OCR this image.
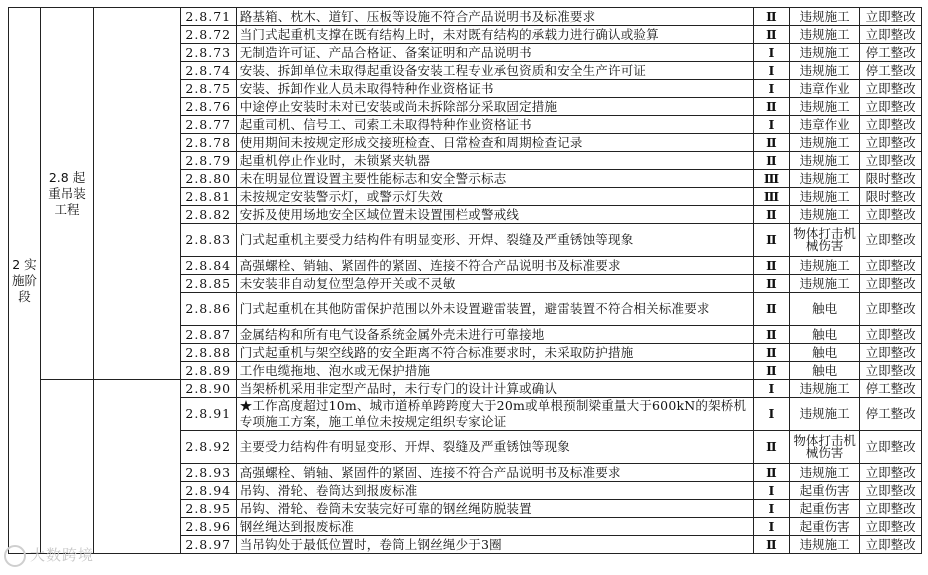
2 实施阶段	2.8 起重吊装工程		2.8.71	路基箱、枕木、道钉、压板等设施不符合产品说明书及标准要求	Ⅱ	违规施工	立即整改
			2.8.72	当门式起重机支撑在既有结构上时，未对既有结构的承载力进行确认或验算	Ⅱ	违规施工	立即整改
			2.8.73	无制造许可证、产品合格证、备案证明和产品说明书	Ⅰ	违规施工	停工整改
			2.8.74	安装、拆卸单位未取得起重设备安装工程专业承包资质和安全生产许可证	Ⅰ	违规施工	停工整改
			2.8.75	安装、拆卸作业人员未取得特种作业资格证书	Ⅰ	违章作业	立即整改
			2.8.76	中途停止安装时未对已安装或尚未拆除部分采取固定措施	Ⅱ	违规施工	立即整改
			2.8.77	起重司机、信号工、司索工未取得特种作业资格证书	Ⅰ	违章作业	立即整改
			2.8.78	使用期间未按规定形成交接班检查、日常检查和周期检查记录	Ⅱ	违规施工	立即整改
			2.8.79	起重机停止作业时，未锁紧夹轨器	Ⅱ	违规施工	立即整改
			2.8.80	未在明显位置设置主要性能标志和安全警示标志	Ⅲ	违规施工	限时整改
			2.8.81	未按规定安装警示灯，或警示灯失效	Ⅲ	违规施工	限时整改
			2.8.82	安拆及使用场地安全区域位置未设置围栏或警戒线	Ⅱ	违规施工	立即整改
			2.8.83	门式起重机主要受力结构件有明显变形、开焊、裂缝及严重锈蚀等现象	Ⅱ	物体打击机械伤害	立即整改
			2.8.84	高强螺栓、销轴、紧固件的紧固、连接不符合产品说明书及标准要求	Ⅱ	违规施工	立即整改
			2.8.85	未安装非自动复位型急停开关或不灵敏	Ⅱ	违规施工	立即整改
			2.8.86	门式起重机在其他防雷保护范围以外未设置避雷装置，避雷装置不符合相关标准要求	Ⅱ	触电	立即整改
			2.8.87	金属结构和所有电气设备系统金属外壳未进行可靠接地	Ⅱ	触电	立即整改
			2.8.88	门式起重机与架空线路的安全距离不符合标准要求时，未采取防护措施	Ⅱ	触电	立即整改
			2.8.89	工作电缆拖地、泡水或无保护措施	Ⅱ	触电	立即整改
			2.8.90	当架桥机采用非定型产品时，未行专门的设计计算或确认	Ⅰ	违规施工	停工整改
			2.8.91	★工作高度超过10m、城市道桥单跨跨度大于20m或单根预制梁重量大于600kN的架桥机专项施工方案，施工单位未按规定组织专家论证	Ⅰ	违规施工	停工整改
			2.8.92	主要受力结构件有明显变形、开焊、裂缝及严重锈蚀等现象	Ⅱ	物体打击机械伤害	立即整改
			2.8.93	高强螺栓、销轴、紧固件的紧固、连接不符合产品说明书及标准要求	Ⅱ	违规施工	立即整改
			2.8.94	吊钩、滑轮、卷筒达到报废标准	Ⅰ	起重伤害	立即整改
			2.8.95	吊钩、滑轮、卷筒未安装完好可靠的钢丝绳防脱装置	Ⅰ	起重伤害	立即整改
			2.8.96	钢丝绳达到报废标准	Ⅰ	起重伤害	立即整改
			2.8.97	当吊钩处于最低位置时，卷筒上钢丝绳少于3圈	Ⅱ	违规施工	立即整改
大数跨境
